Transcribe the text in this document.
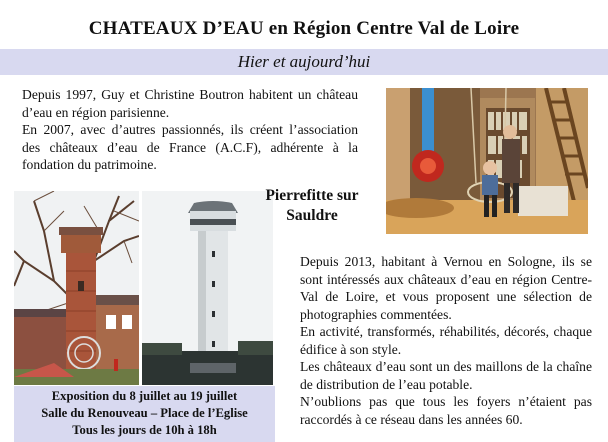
CHATEAUX D’EAU en Région Centre Val de Loire
Hier et aujourd’hui

Depuis 1997, Guy et Christine Boutron habitent un château d’eau en région parisienne.

En 2007, avec d’autres passionnés, ils créent l’association des châteaux d’eau de France (A.C.F), adhérente à la fondation du patrimoine.

Pierrefitte sur Sauldre

Depuis 2013, habitant à Vernou en Sologne, ils se sont intéressés aux châteaux d’eau en région Centre-Val de Loire, et vous proposent une sélection de photographies commentées.

En activité, transformés, réhabilités, décorés, chaque édifice à son style.

Les châteaux d’eau sont un des maillons de la chaîne de distribution de l’eau potable.

N’oublions pas que tous les foyers n’étaient pas raccordés à ce réseau dans les années 60.

Exposition du 8 juillet au 19 juillet
Salle du Renouveau – Place de l’Eglise
Tous les jours de 10h à 18h
